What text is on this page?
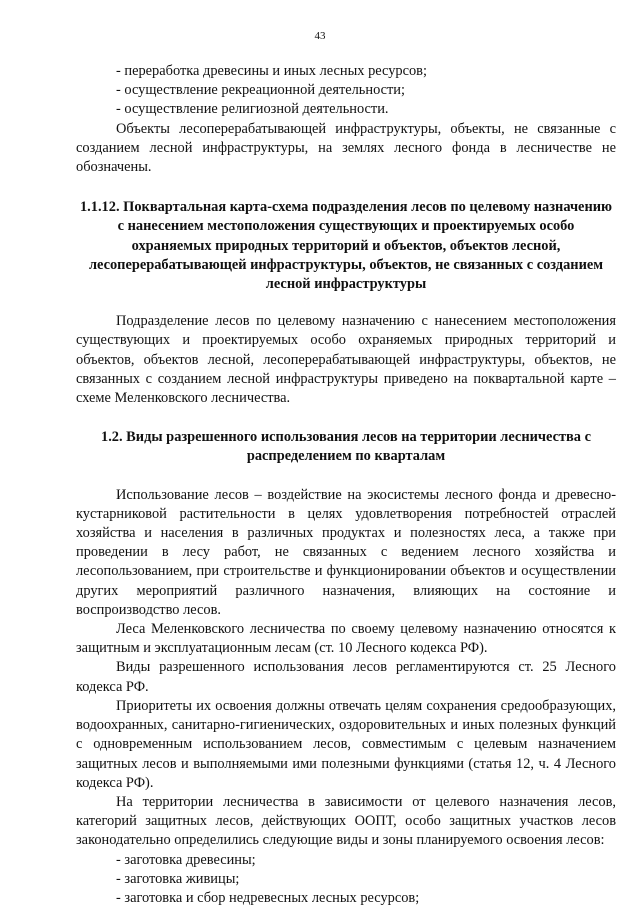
43

- переработка древесины и иных лесных ресурсов;

- осуществление рекреационной деятельности;

- осуществление религиозной деятельности.

Объекты лесоперерабатывающей инфраструктуры, объекты, не связанные с созданием лесной инфраструктуры, на землях лесного фонда в лесничестве не обозначены.

1.1.12. Поквартальная карта-схема подразделения лесов по целевому назначению с нанесением местоположения существующих и проектируемых особо охраняемых природных территорий и объектов, объектов лесной, лесоперерабатывающей инфраструктуры, объектов, не связанных с созданием лесной инфраструктуры

Подразделение лесов по целевому назначению с нанесением местоположения существующих и проектируемых особо охраняемых природных территорий и объектов, объектов лесной, лесоперерабатывающей инфраструктуры, объектов, не связанных с созданием лесной инфраструктуры приведено на поквартальной карте – схеме Меленковского лесничества.

1.2. Виды разрешенного использования лесов на территории лесничества с распределением по кварталам

Использование лесов – воздействие на экосистемы лесного фонда и древесно-кустарниковой растительности в целях удовлетворения потребностей отраслей хозяйства и населения в различных продуктах и полезностях леса, а также при проведении в лесу работ, не связанных с ведением лесного хозяйства и лесопользованием, при строительстве и функционировании объектов и осуществлении других мероприятий различного назначения, влияющих на состояние и воспроизводство лесов.

Леса Меленковского лесничества по своему целевому назначению относятся к защитным и эксплуатационным лесам (ст. 10 Лесного кодекса РФ).

Виды разрешенного использования лесов регламентируются ст. 25 Лесного кодекса РФ.

Приоритеты их освоения должны отвечать целям сохранения средообразующих, водоохранных, санитарно-гигиенических, оздоровительных и иных полезных функций с одновременным использованием лесов, совместимым с целевым назначением защитных лесов и выполняемыми ими полезными функциями (статья 12, ч. 4 Лесного кодекса РФ).

На территории лесничества в зависимости от целевого назначения лесов, категорий защитных лесов, действующих ООПТ, особо защитных участков лесов законодательно определились следующие виды и зоны планируемого освоения лесов:

- заготовка древесины;

- заготовка живицы;

- заготовка и сбор недревесных лесных ресурсов;
